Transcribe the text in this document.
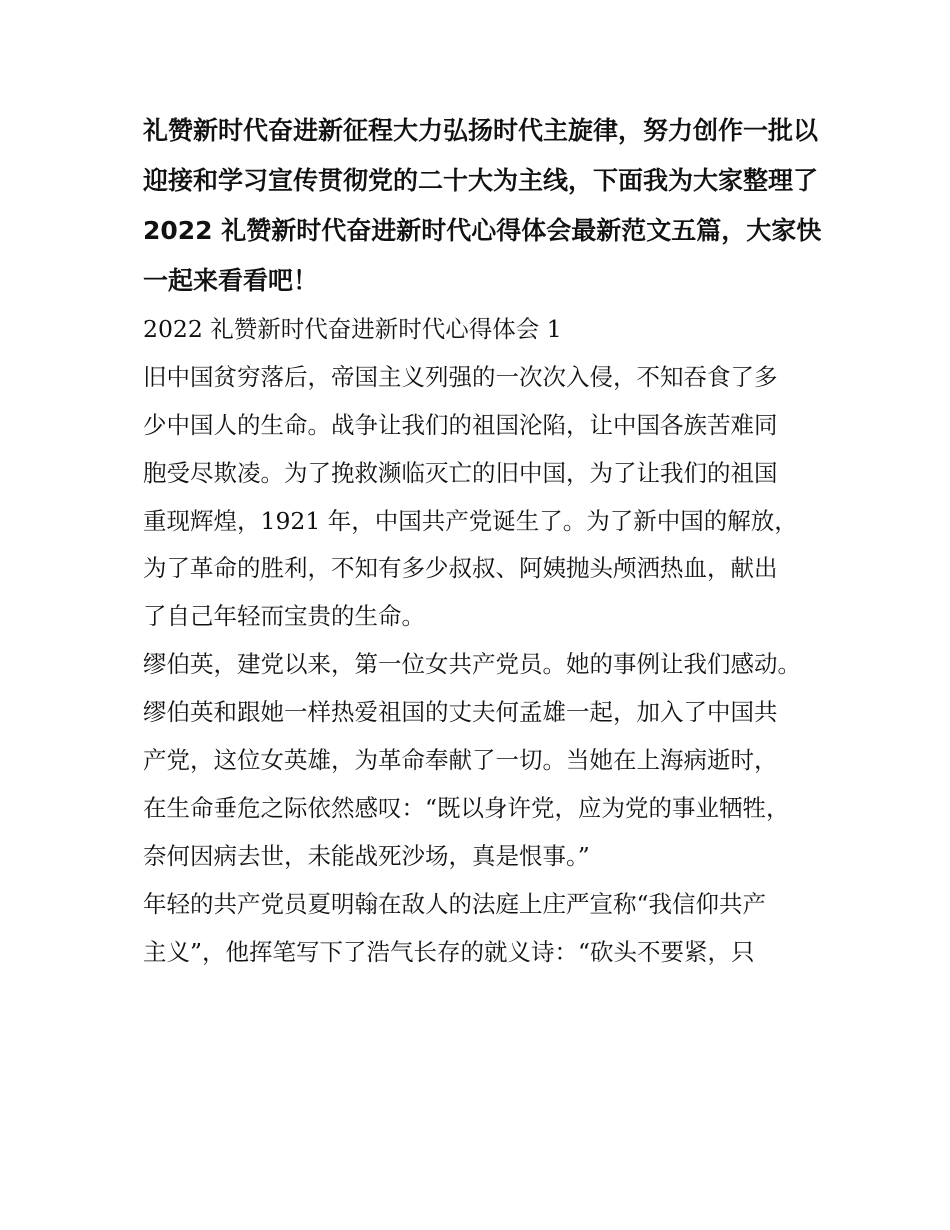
礼赞新时代奋进新征程大力弘扬时代主旋律，努力创作一批以
迎接和学习宣传贯彻党的二十大为主线，下面我为大家整理了
2022 礼赞新时代奋进新时代心得体会最新范文五篇，大家快
一起来看看吧！
2022 礼赞新时代奋进新时代心得体会 1
旧中国贫穷落后，帝国主义列强的一次次入侵，不知吞食了多
少中国人的生命。战争让我们的祖国沦陷，让中国各族苦难同
胞受尽欺凌。为了挽救濒临灭亡的旧中国，为了让我们的祖国
重现辉煌，1921 年，中国共产党诞生了。为了新中国的解放，
为了革命的胜利，不知有多少叔叔、阿姨抛头颅洒热血，献出
了自己年轻而宝贵的生命。
缪伯英，建党以来，第一位女共产党员。她的事例让我们感动。
缪伯英和跟她一样热爱祖国的丈夫何孟雄一起，加入了中国共
产党，这位女英雄，为革命奉献了一切。当她在上海病逝时，
在生命垂危之际依然感叹：“既以身许党，应为党的事业牺牲，
奈何因病去世，未能战死沙场，真是恨事。”
年轻的共产党员夏明翰在敌人的法庭上庄严宣称“我信仰共产
主义”，他挥笔写下了浩气长存的就义诗：“砍头不要紧，只
